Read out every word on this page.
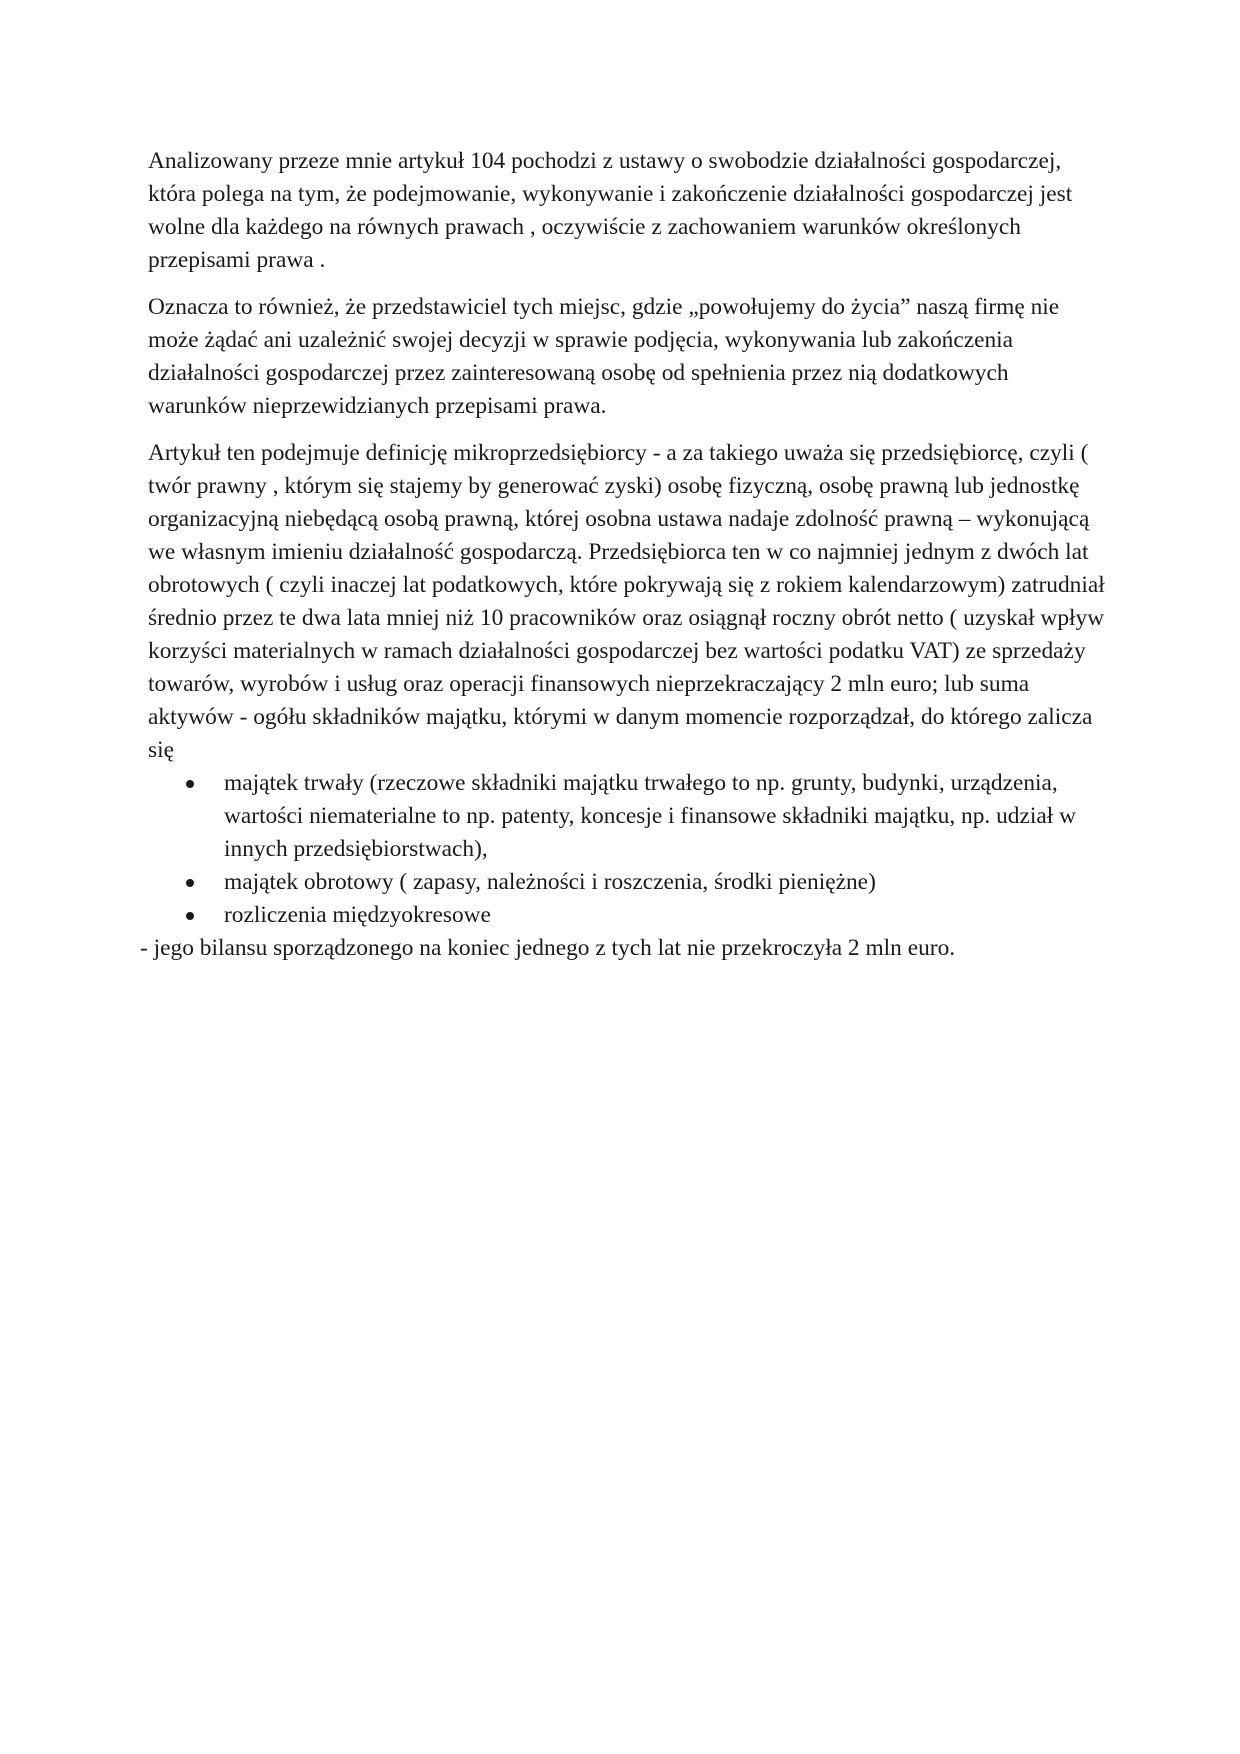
Analizowany przeze mnie artykuł 104 pochodzi z ustawy o swobodzie działalności gospodarczej, która polega na tym, że podejmowanie, wykonywanie i zakończenie działalności gospodarczej jest wolne dla każdego na równych prawach , oczywiście z zachowaniem warunków określonych przepisami prawa .

Oznacza to również, że przedstawiciel tych miejsc, gdzie „powołujemy do życia” naszą firmę nie może żądać ani uzależnić swojej decyzji w sprawie podjęcia, wykonywania lub zakończenia działalności gospodarczej przez zainteresowaną osobę od spełnienia przez nią dodatkowych warunków nieprzewidzianych przepisami prawa.

Artykuł ten podejmuje definicję mikroprzedsiębiorcy - a za takiego uważa się przedsiębiorcę, czyli ( twór prawny , którym się stajemy by generować zyski) osobę fizyczną, osobę prawną lub jednostkę organizacyjną niebędącą osobą prawną, której osobna ustawa nadaje zdolność prawną – wykonującą we własnym imieniu działalność gospodarczą. Przedsiębiorca ten w co najmniej jednym z dwóch lat obrotowych ( czyli inaczej lat podatkowych, które pokrywają się z rokiem kalendarzowym) zatrudniał średnio przez te dwa lata mniej niż 10 pracowników oraz osiągnął roczny obrót netto ( uzyskał wpływ korzyści materialnych w ramach działalności gospodarczej bez wartości podatku VAT) ze sprzedaży towarów, wyrobów i usług oraz operacji finansowych nieprzekraczający 2 mln euro; lub suma aktywów - ogółu składników majątku, którymi w danym momencie rozporządzał, do którego zalicza się

majątek trwały (rzeczowe składniki majątku trwałego to np. grunty, budynki, urządzenia, wartości niematerialne to np. patenty, koncesje i finansowe składniki majątku, np. udział w innych przedsiębiorstwach),
majątek obrotowy ( zapasy, należności i roszczenia, środki pieniężne)
rozliczenia międzyokresowe

- jego bilansu sporządzonego na koniec jednego z tych lat nie przekroczyła 2 mln euro.
